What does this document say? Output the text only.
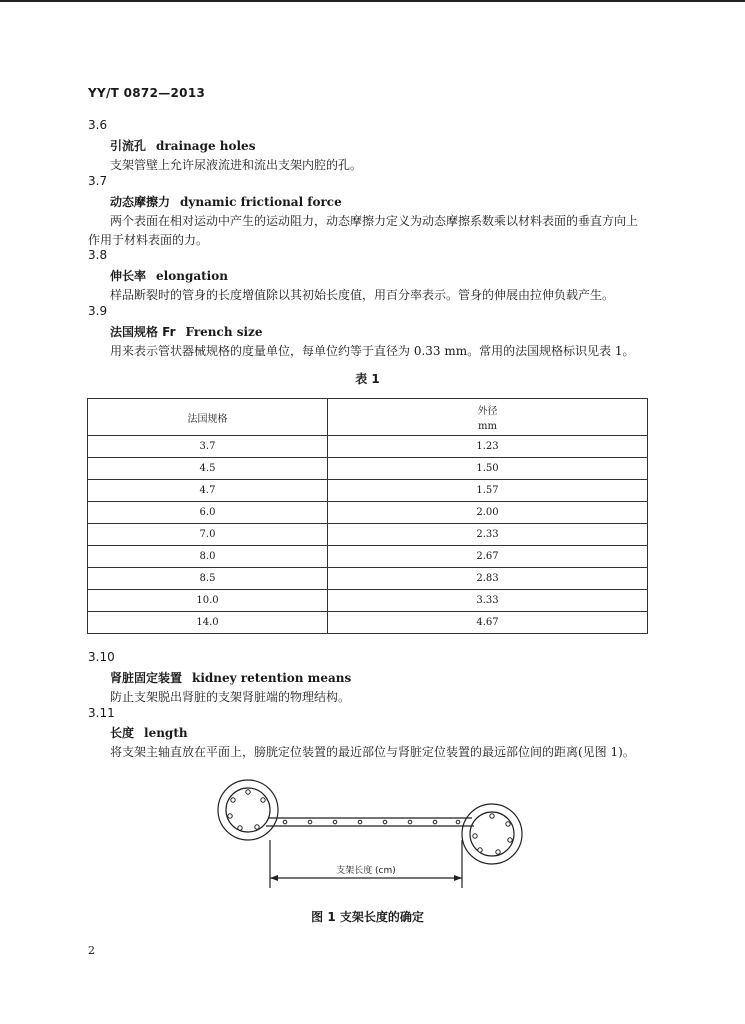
YY/T 0872—2013
3.6
引流孔 drainage holes
支架管壁上允许尿液流进和流出支架内腔的孔。
3.7
动态摩擦力 dynamic frictional force
两个表面在相对运动中产生的运动阻力，动态摩擦力定义为动态摩擦系数乘以材料表面的垂直方向上作用于材料表面的力。
3.8
伸长率 elongation
样品断裂时的管身的长度增值除以其初始长度值，用百分率表示。管身的伸展由拉伸负载产生。
3.9
法国规格 Fr French size
用来表示管状器械规格的度量单位，每单位约等于直径为 0.33 mm。常用的法国规格标识见表 1。
表 1
法国规格	外径
mm

3.7	1.23
4.5	1.50
4.7	1.57
6.0	2.00
7.0	2.33
8.0	2.67
8.5	2.83
10.0	3.33
14.0	4.67
3.10
肾脏固定装置 kidney retention means
防止支架脱出肾脏的支架肾脏端的物理结构。
3.11
长度 length
将支架主轴直放在平面上，膀胱定位装置的最近部位与肾脏定位装置的最远部位间的距离(见图 1)。
支架长度 (cm)
图 1 支架长度的确定
2
